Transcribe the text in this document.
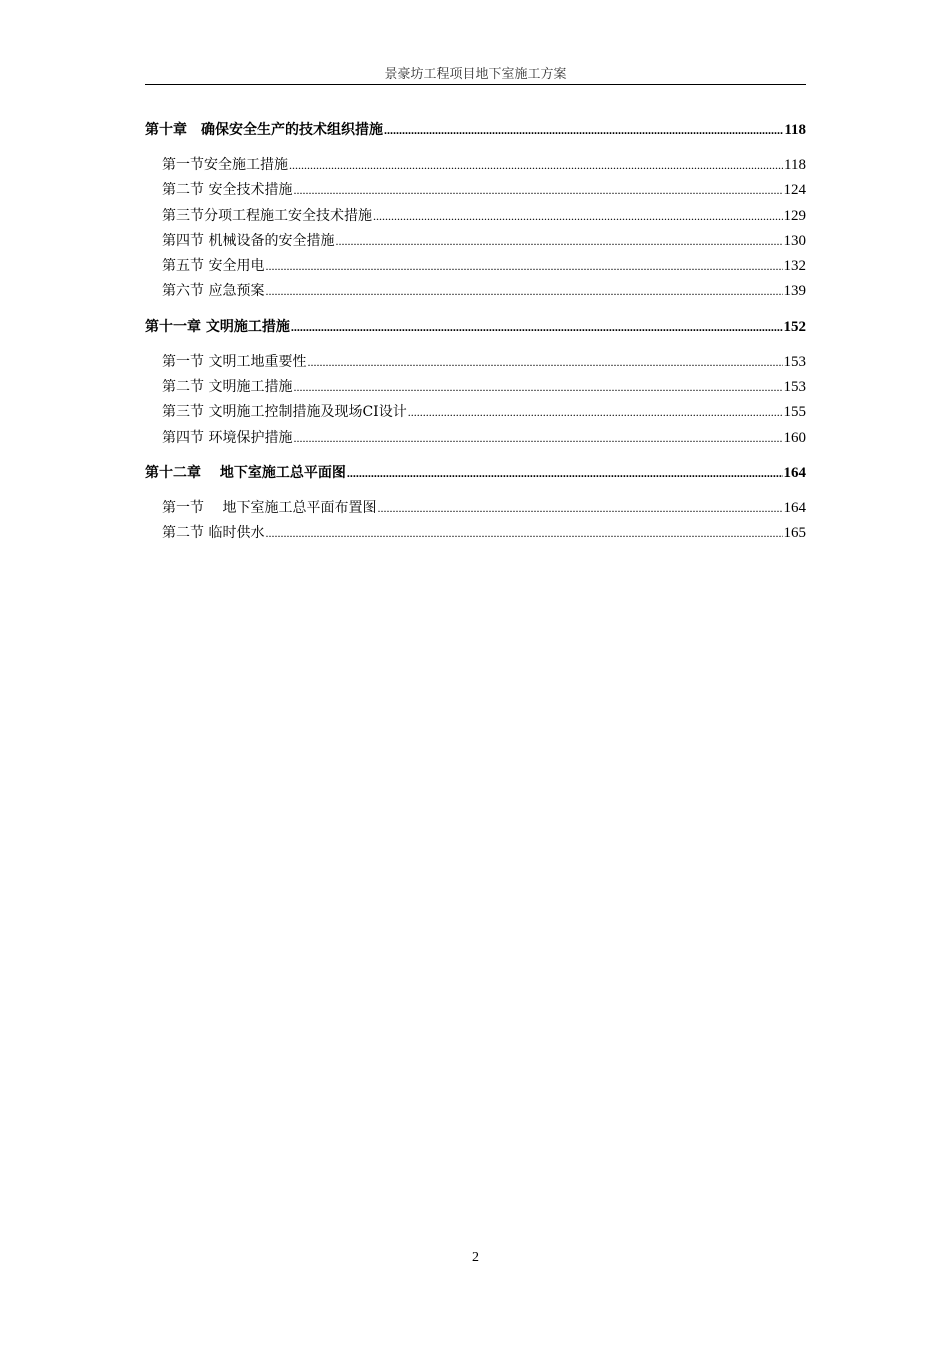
景豪坊工程项目地下室施工方案
第十章　确保安全生产的技术组织措施 .....	118
第一节安全施工措施 .....	118
第二节 安全技术措施 .....	124
第三节分项工程施工安全技术措施 .....	129
第四节 机械设备的安全措施 .....	130
第五节 安全用电 .....	132
第六节 应急预案 .....	139
第十一章 文明施工措施 .....	152
第一节 文明工地重要性 .....	153
第二节 文明施工措施 .....	153
第三节 文明施工控制措施及现场CI设计 .....	155
第四节 环境保护措施 .....	160
第十二章　 地下室施工总平面图 .....	164
第一节　 地下室施工总平面布置图 .....	164
第二节 临时供水 .....	165
2
